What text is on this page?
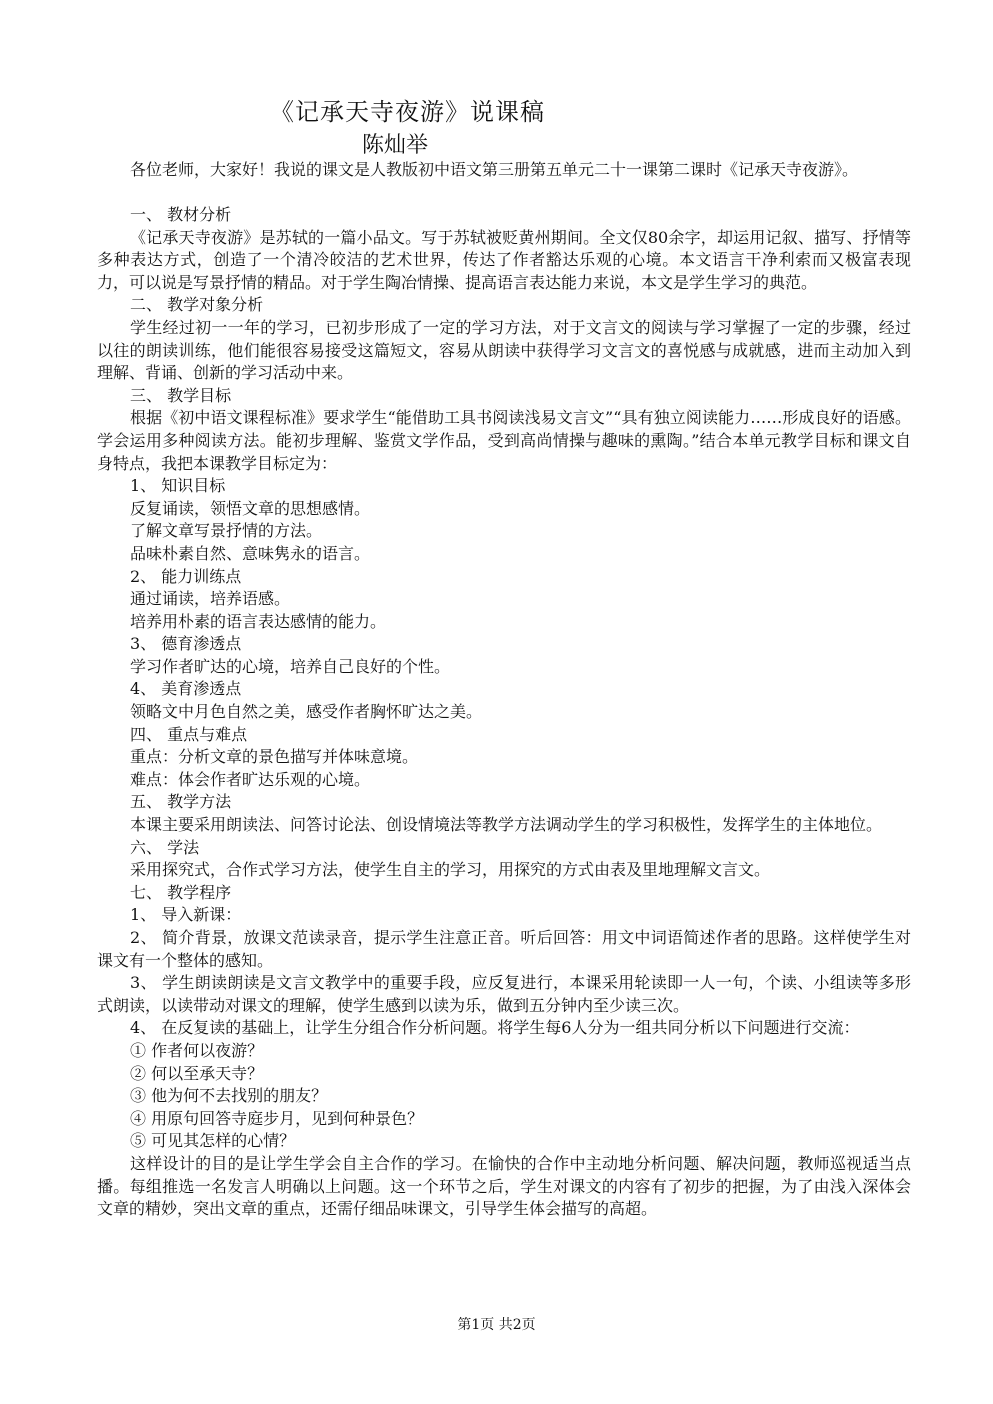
《记承天寺夜游》说课稿
陈灿举
各位老师，大家好！我说的课文是人教版初中语文第三册第五单元二十一课第二课时《记承天寺夜游》。
一、 教材分析
《记承天寺夜游》是苏轼的一篇小品文。写于苏轼被贬黄州期间。全文仅80余字，却运用记叙、描写、抒情等多种表达方式，创造了一个清冷皎洁的艺术世界，传达了作者豁达乐观的心境。本文语言干净利索而又极富表现力，可以说是写景抒情的精品。对于学生陶冶情操、提高语言表达能力来说，本文是学生学习的典范。
二、 教学对象分析
学生经过初一一年的学习，已初步形成了一定的学习方法，对于文言文的阅读与学习掌握了一定的步骤，经过以往的朗读训练，他们能很容易接受这篇短文，容易从朗读中获得学习文言文的喜悦感与成就感，进而主动加入到理解、背诵、创新的学习活动中来。
三、 教学目标
根据《初中语文课程标准》要求学生“能借助工具书阅读浅易文言文”“具有独立阅读能力……形成良好的语感。学会运用多种阅读方法。能初步理解、鉴赏文学作品，受到高尚情操与趣味的熏陶。”结合本单元教学目标和课文自身特点，我把本课教学目标定为：
1、 知识目标
反复诵读，领悟文章的思想感情。
了解文章写景抒情的方法。
品味朴素自然、意味隽永的语言。
2、 能力训练点
通过诵读，培养语感。
培养用朴素的语言表达感情的能力。
3、 德育渗透点
学习作者旷达的心境，培养自己良好的个性。
4、 美育渗透点
领略文中月色自然之美，感受作者胸怀旷达之美。
四、 重点与难点
重点：分析文章的景色描写并体味意境。
难点：体会作者旷达乐观的心境。
五、 教学方法
本课主要采用朗读法、问答讨论法、创设情境法等教学方法调动学生的学习积极性，发挥学生的主体地位。
六、 学法
采用探究式，合作式学习方法，使学生自主的学习，用探究的方式由表及里地理解文言文。
七、 教学程序
1、 导入新课：
2、 简介背景，放课文范读录音，提示学生注意正音。听后回答：用文中词语简述作者的思路。这样使学生对课文有一个整体的感知。
3、 学生朗读朗读是文言文教学中的重要手段，应反复进行，本课采用轮读即一人一句，个读、小组读等多形式朗读，以读带动对课文的理解，使学生感到以读为乐，做到五分钟内至少读三次。
4、 在反复读的基础上，让学生分组合作分析问题。将学生每6人分为一组共同分析以下问题进行交流：
① 作者何以夜游？
② 何以至承天寺？
③ 他为何不去找别的朋友？
④ 用原句回答寺庭步月，见到何种景色？
⑤ 可见其怎样的心情？
这样设计的目的是让学生学会自主合作的学习。在愉快的合作中主动地分析问题、解决问题，教师巡视适当点播。每组推选一名发言人明确以上问题。这一个环节之后，学生对课文的内容有了初步的把握，为了由浅入深体会文章的精妙，突出文章的重点，还需仔细品味课文，引导学生体会描写的高超。
第1页 共2页
